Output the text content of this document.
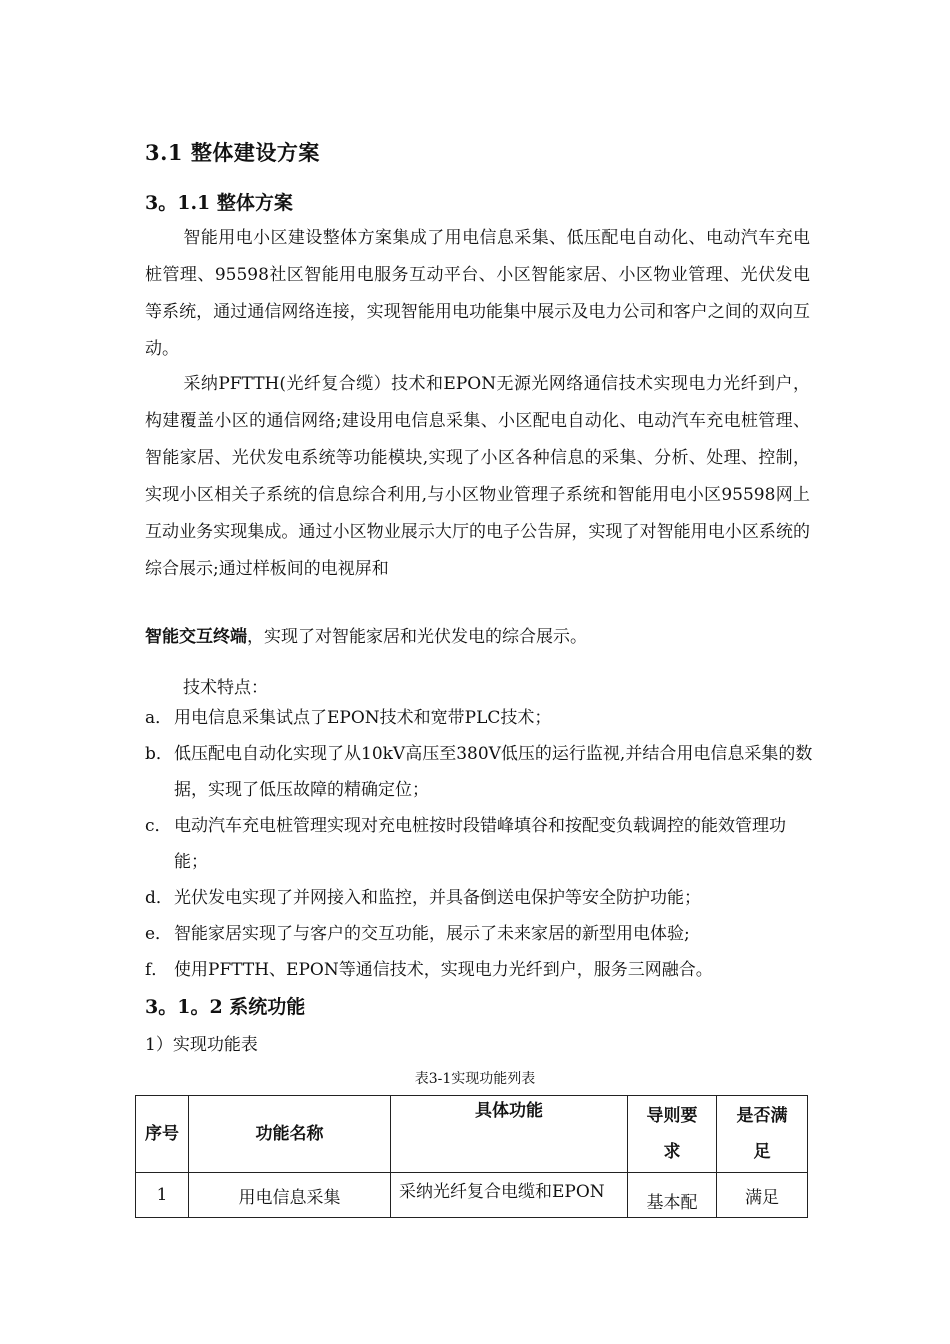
3.1 整体建设方案
3。1.1 整体方案
智能用电小区建设整体方案集成了用电信息采集、低压配电自动化、电动汽车充电桩管理、95598社区智能用电服务互动平台、小区智能家居、小区物业管理、光伏发电等系统，通过通信网络连接，实现智能用电功能集中展示及电力公司和客户之间的双向互动。
采纳PFTTH(光纤复合缆）技术和EPON无源光网络通信技术实现电力光纤到户，构建覆盖小区的通信网络;建设用电信息采集、小区配电自动化、电动汽车充电桩管理、智能家居、光伏发电系统等功能模块,实现了小区各种信息的采集、分析、处理、控制，实现小区相关子系统的信息综合利用,与小区物业管理子系统和智能用电小区95598网上互动业务实现集成。通过小区物业展示大厅的电子公告屏，实现了对智能用电小区系统的综合展示;通过样板间的电视屏和
智能交互终端，实现了对智能家居和光伏发电的综合展示。
技术特点：
a． 用电信息采集试点了EPON技术和宽带PLC技术；
b． 低压配电自动化实现了从10kV高压至380V低压的运行监视,并结合用电信息采集的数据，实现了低压故障的精确定位；
c． 电动汽车充电桩管理实现对充电桩按时段错峰填谷和按配变负载调控的能效管理功能；
d． 光伏发电实现了并网接入和监控，并具备倒送电保护等安全防护功能；
e． 智能家居实现了与客户的交互功能，展示了未来家居的新型用电体验;
f． 使用PFTTH、EPON等通信技术，实现电力光纤到户，服务三网融合。
3。1。2 系统功能
1）实现功能表
表3-1实现功能列表
序号	功能名称	具体功能	导则要求	是否满足

1	用电信息采集	采纳光纤复合电缆和EPON	基本配	满足
